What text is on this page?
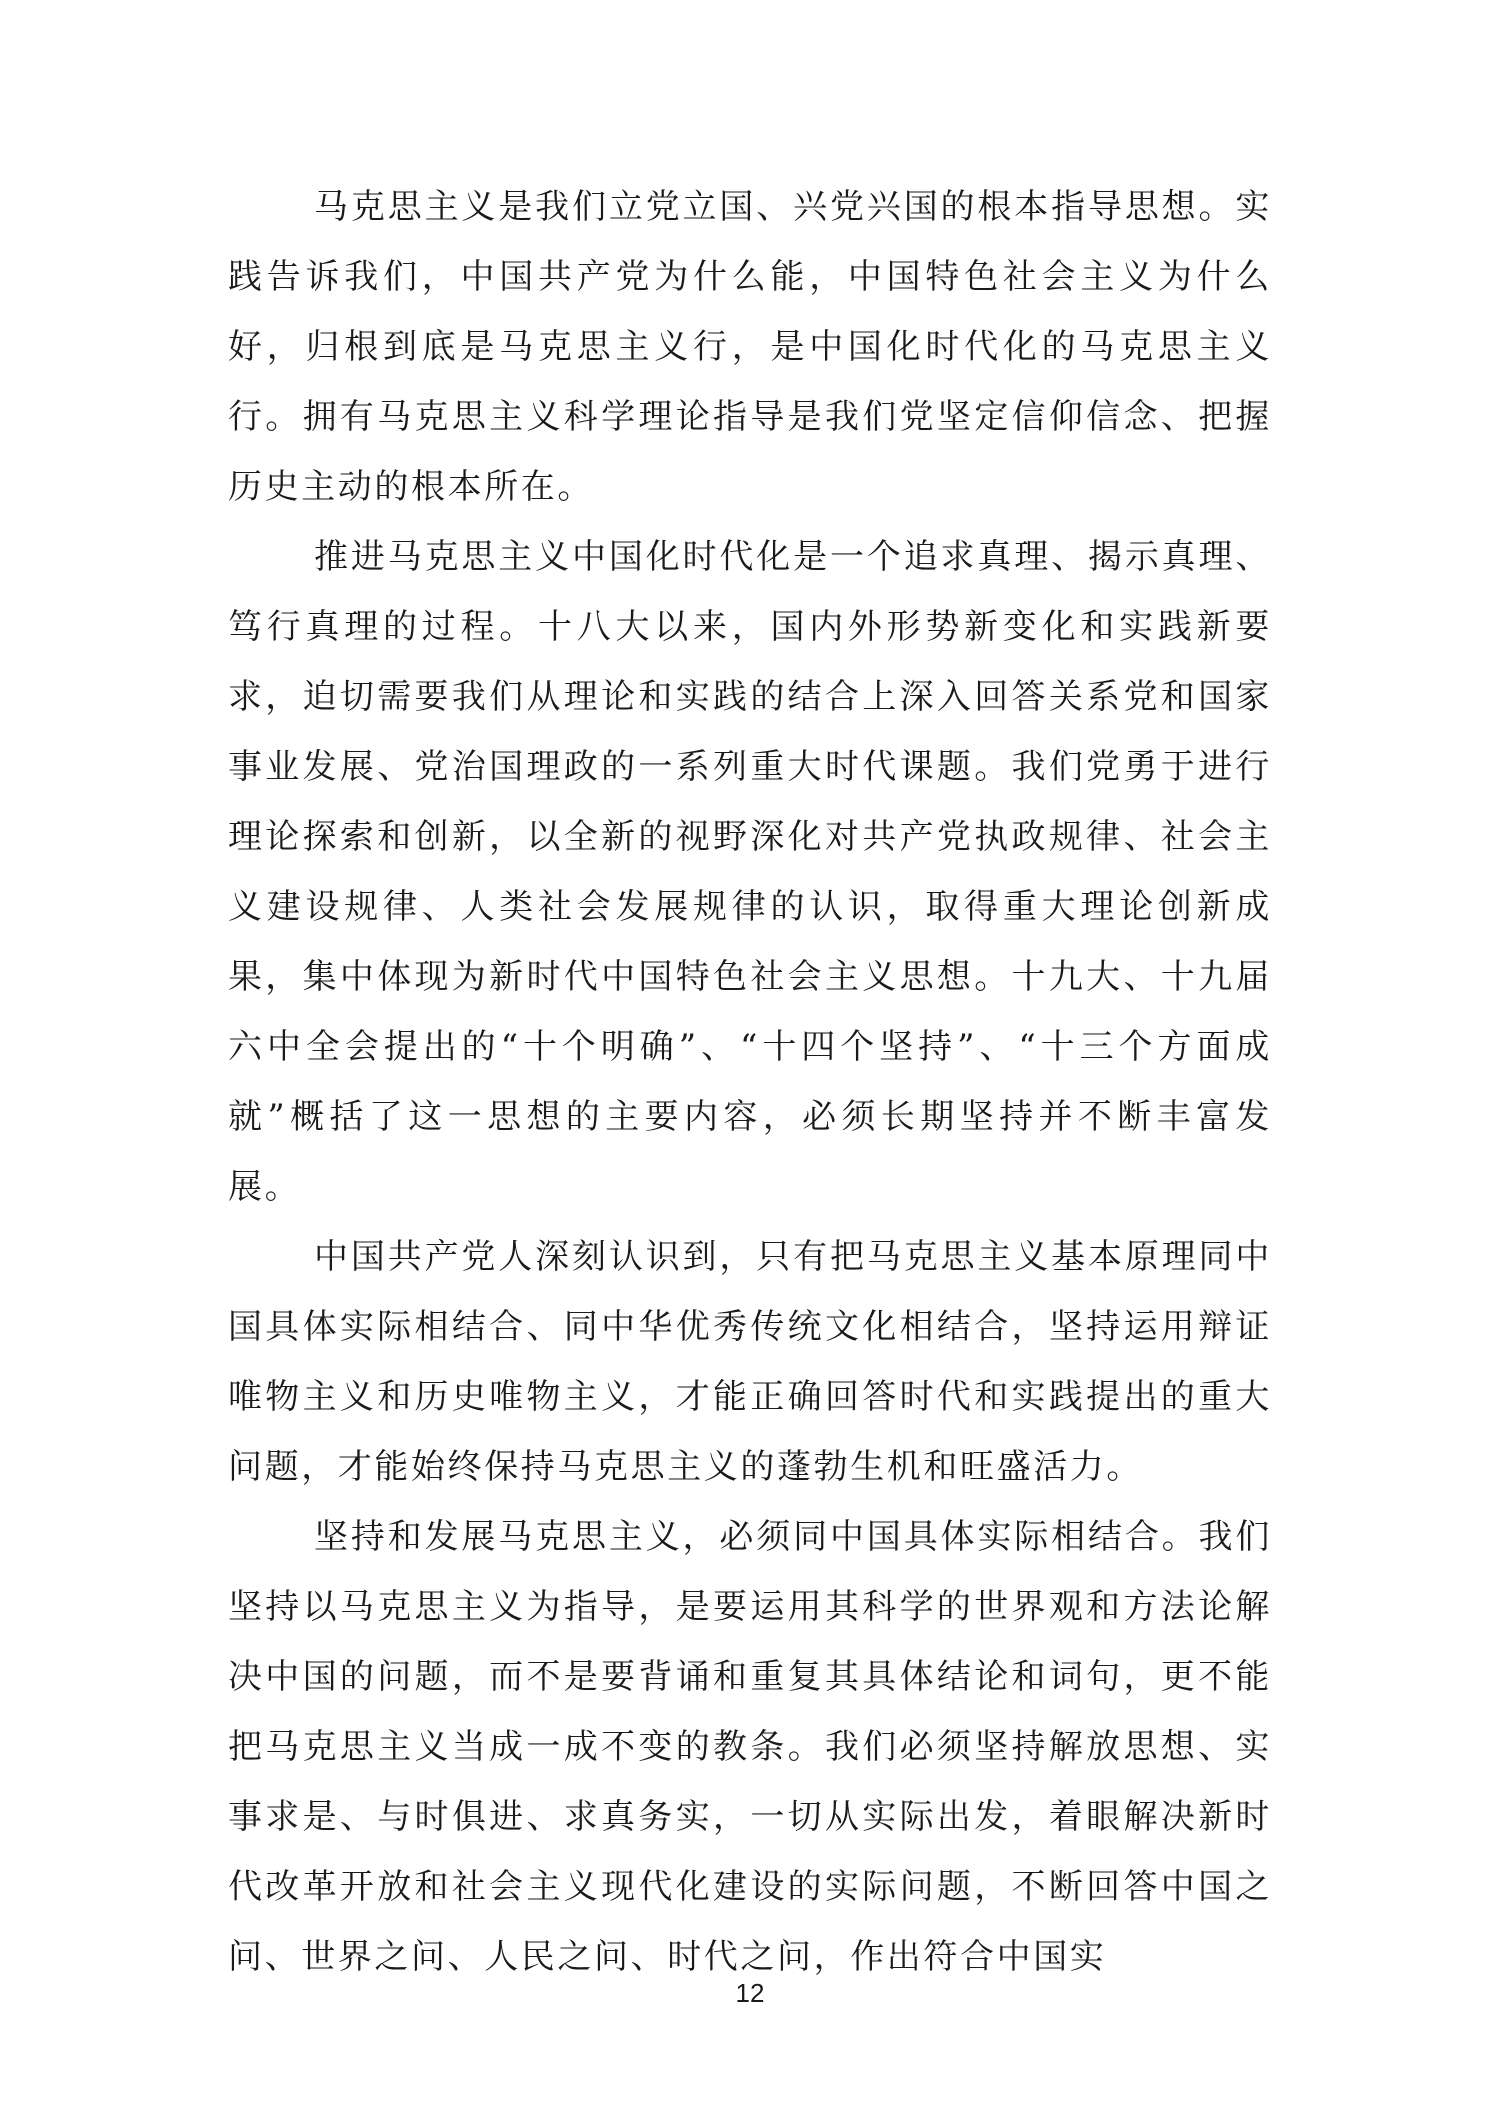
马克思主义是我们立党立国、兴党兴国的根本指导思想。实践告诉我们，中国共产党为什么能，中国特色社会主义为什么好，归根到底是马克思主义行，是中国化时代化的马克思主义行。拥有马克思主义科学理论指导是我们党坚定信仰信念、把握历史主动的根本所在。

推进马克思主义中国化时代化是一个追求真理、揭示真理、笃行真理的过程。十八大以来，国内外形势新变化和实践新要求，迫切需要我们从理论和实践的结合上深入回答关系党和国家事业发展、党治国理政的一系列重大时代课题。我们党勇于进行理论探索和创新，以全新的视野深化对共产党执政规律、社会主义建设规律、人类社会发展规律的认识，取得重大理论创新成果，集中体现为新时代中国特色社会主义思想。十九大、十九届六中全会提出的“十个明确”、“十四个坚持”、“十三个方面成就”概括了这一思想的主要内容，必须长期坚持并不断丰富发展。

中国共产党人深刻认识到，只有把马克思主义基本原理同中国具体实际相结合、同中华优秀传统文化相结合，坚持运用辩证唯物主义和历史唯物主义，才能正确回答时代和实践提出的重大问题，才能始终保持马克思主义的蓬勃生机和旺盛活力。

坚持和发展马克思主义，必须同中国具体实际相结合。我们坚持以马克思主义为指导，是要运用其科学的世界观和方法论解决中国的问题，而不是要背诵和重复其具体结论和词句，更不能把马克思主义当成一成不变的教条。我们必须坚持解放思想、实事求是、与时俱进、求真务实，一切从实际出发，着眼解决新时代改革开放和社会主义现代化建设的实际问题，不断回答中国之问、世界之问、人民之问、时代之问，作出符合中国实

12
